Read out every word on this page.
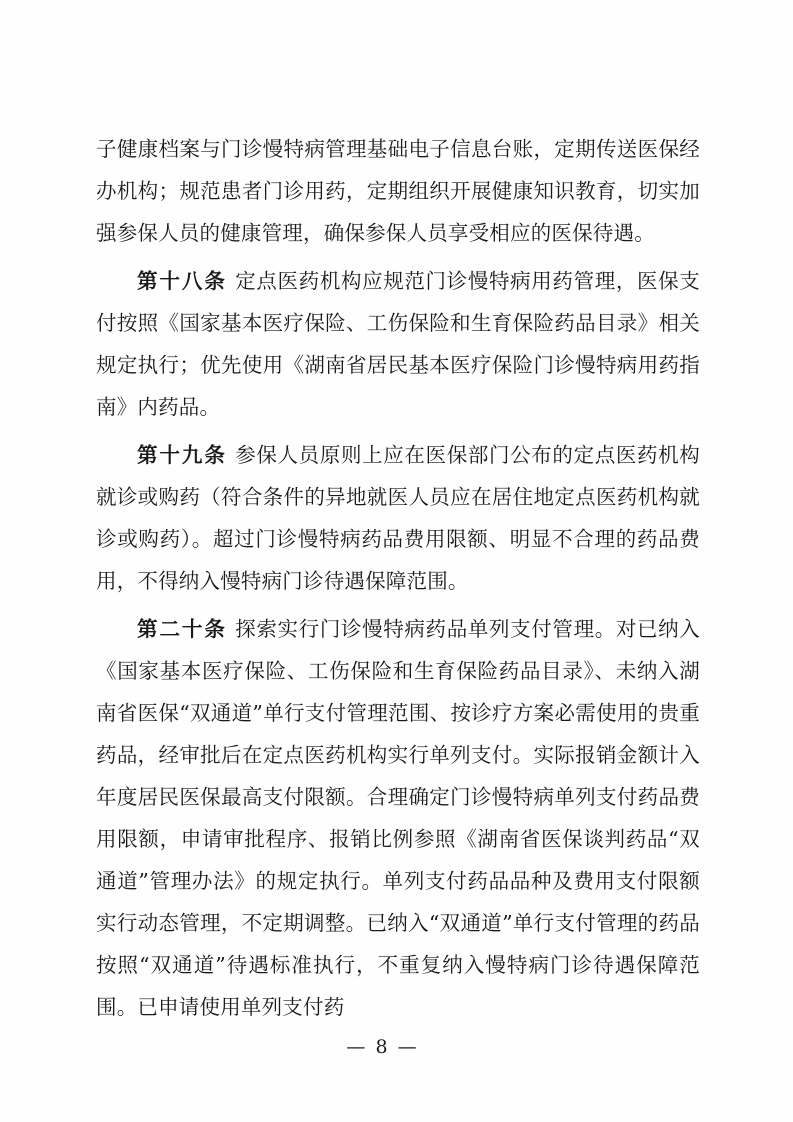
子健康档案与门诊慢特病管理基础电子信息台账，定期传送医保经办机构；规范患者门诊用药，定期组织开展健康知识教育，切实加强参保人员的健康管理，确保参保人员享受相应的医保待遇。

第十八条 定点医药机构应规范门诊慢特病用药管理，医保支付按照《国家基本医疗保险、工伤保险和生育保险药品目录》相关规定执行；优先使用《湖南省居民基本医疗保险门诊慢特病用药指南》内药品。

第十九条 参保人员原则上应在医保部门公布的定点医药机构就诊或购药（符合条件的异地就医人员应在居住地定点医药机构就诊或购药）。超过门诊慢特病药品费用限额、明显不合理的药品费用，不得纳入慢特病门诊待遇保障范围。

第二十条 探索实行门诊慢特病药品单列支付管理。对已纳入《国家基本医疗保险、工伤保险和生育保险药品目录》、未纳入湖南省医保“双通道”单行支付管理范围、按诊疗方案必需使用的贵重药品，经审批后在定点医药机构实行单列支付。实际报销金额计入年度居民医保最高支付限额。合理确定门诊慢特病单列支付药品费用限额，申请审批程序、报销比例参照《湖南省医保谈判药品“双通道”管理办法》的规定执行。单列支付药品品种及费用支付限额实行动态管理，不定期调整。已纳入“双通道”单行支付管理的药品按照“双通道”待遇标准执行，不重复纳入慢特病门诊待遇保障范围。已申请使用单列支付药

— 8 —
